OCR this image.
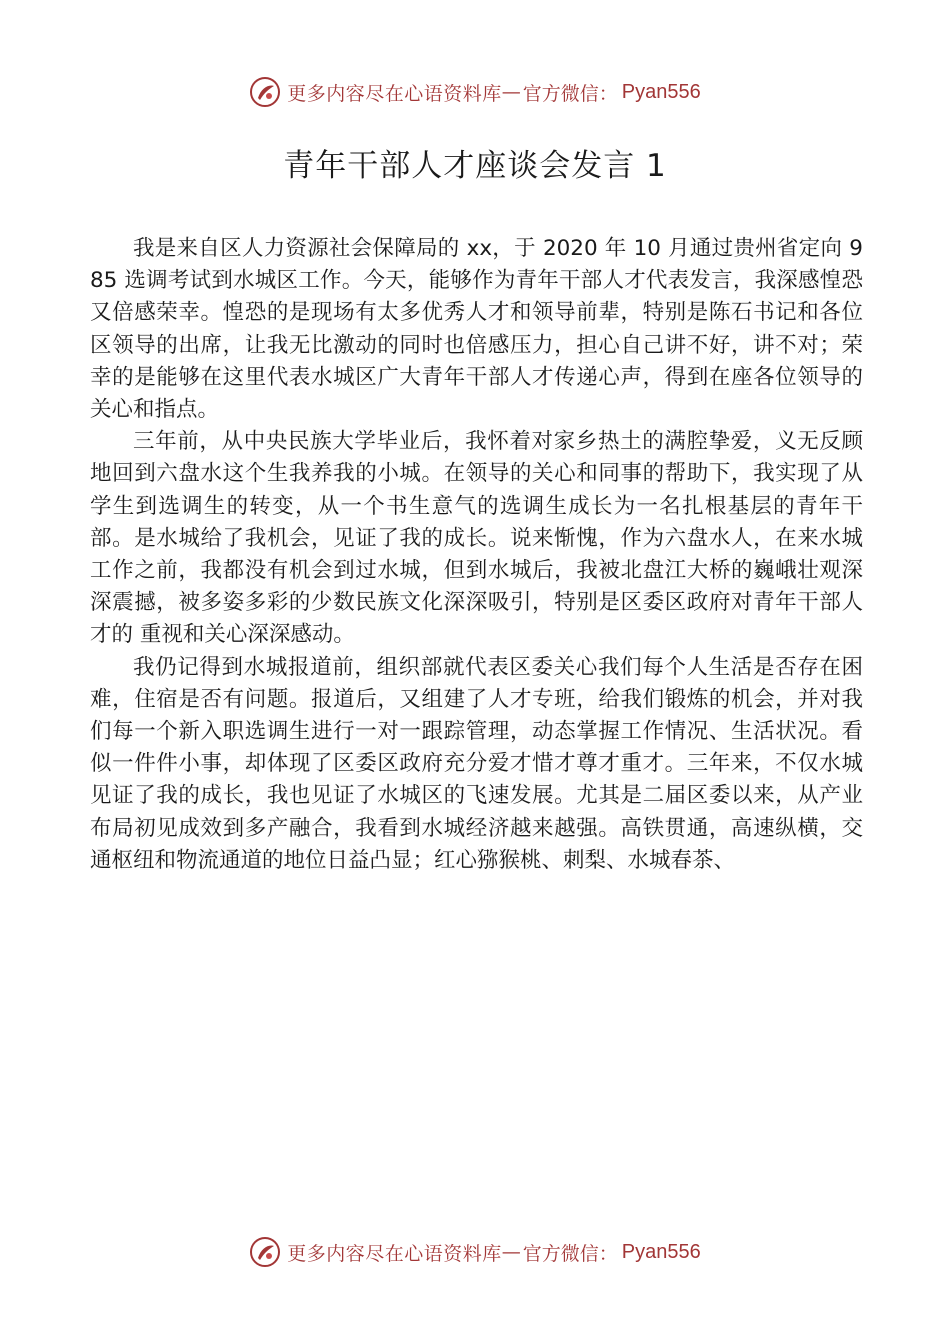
更多内容尽在心语资料库 — 官方微信： Pyan556
青年干部人才座谈会发言 1

我是来自区人力资源社会保障局的 xx，于 2020 年 10 月通过贵州省定向 985 选调考试到水城区工作。今天，能够作为青年干部人才代表发言，我深感惶恐又倍感荣幸。惶恐的是现场有太多优秀人才和领导前辈，特别是陈石书记和各位区领导的出席，让我无比激动的同时也倍感压力，担心自己讲不好，讲不对；荣幸的是能够在这里代表水城区广大青年干部人才传递心声，得到在座各位领导的关心和指点。

三年前，从中央民族大学毕业后，我怀着对家乡热土的满腔挚爱，义无反顾地回到六盘水这个生我养我的小城。在领导的关心和同事的帮助下，我实现了从学生到选调生的转变，从一个书生意气的选调生成长为一名扎根基层的青年干部。是水城给了我机会，见证了我的成长。说来惭愧，作为六盘水人，在来水城工作之前，我都没有机会到过水城，但到水城后，我被北盘江大桥的巍峨壮观深深震撼，被多姿多彩的少数民族文化深深吸引，特别是区委区政府对青年干部人才的 重视和关心深深感动。

我仍记得到水城报道前，组织部就代表区委关心我们每个人生活是否存在困难，住宿是否有问题。报道后，又组建了人才专班，给我们锻炼的机会，并对我们每一个新入职选调生进行一对一跟踪管理，动态掌握工作情况、生活状况。看似一件件小事，却体现了区委区政府充分爱才惜才尊才重才。三年来，不仅水城见证了我的成长，我也见证了水城区的飞速发展。尤其是二届区委以来，从产业布局初见成效到多产融合，我看到水城经济越来越强。高铁贯通，高速纵横，交通枢纽和物流通道的地位日益凸显；红心猕猴桃、刺梨、水城春茶、

更多内容尽在心语资料库 — 官方微信： Pyan556
